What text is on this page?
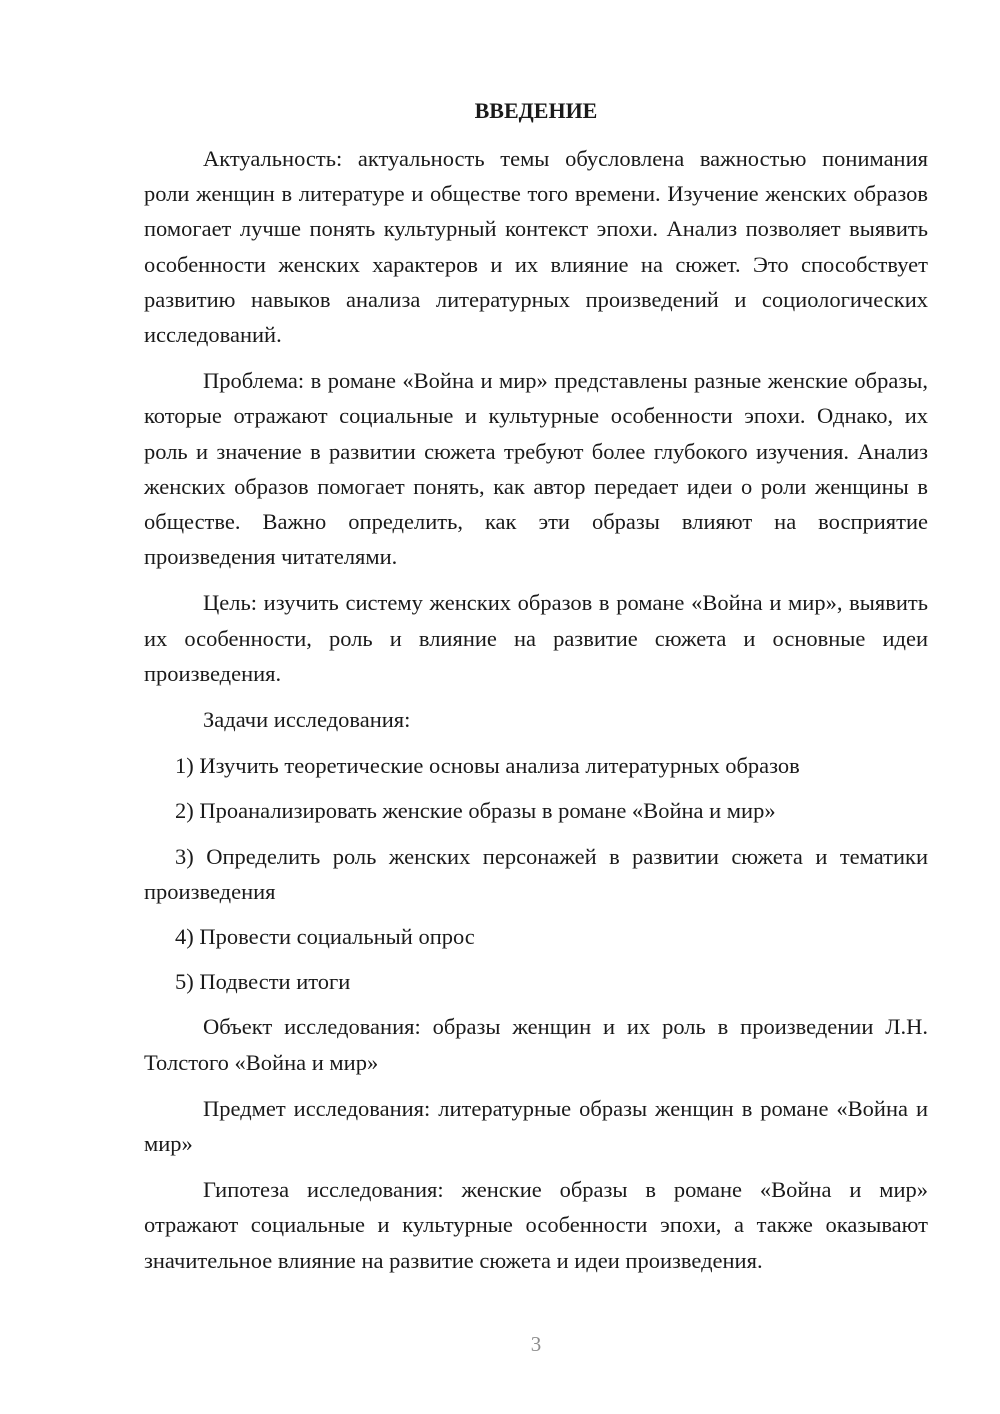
ВВЕДЕНИЕ

Актуальность: актуальность темы обусловлена важностью понимания роли женщин в литературе и обществе того времени. Изучение женских образов помогает лучше понять культурный контекст эпохи. Анализ позволяет выявить особенности женских характеров и их влияние на сюжет. Это способствует развитию навыков анализа литературных произведений и социологических исследований.

Проблема: в романе «Война и мир» представлены разные женские образы, которые отражают социальные и культурные особенности эпохи. Однако, их роль и значение в развитии сюжета требуют более глубокого изучения. Анализ женских образов помогает понять, как автор передает идеи о роли женщины в обществе. Важно определить, как эти образы влияют на восприятие произведения читателями.

Цель: изучить систему женских образов в романе «Война и мир», выявить их особенности, роль и влияние на развитие сюжета и основные идеи произведения.

Задачи исследования:

1) Изучить теоретические основы анализа литературных образов

2) Проанализировать женские образы в романе «Война и мир»

3) Определить роль женских персонажей в развитии сюжета и тематики произведения

4) Провести социальный опрос

5) Подвести итоги

Объект исследования: образы женщин и их роль в произведении Л.Н. Толстого «Война и мир»

Предмет исследования: литературные образы женщин в романе «Война и мир»

Гипотеза исследования: женские образы в романе «Война и мир» отражают социальные и культурные особенности эпохи, а также оказывают значительное влияние на развитие сюжета и идеи произведения.

3
